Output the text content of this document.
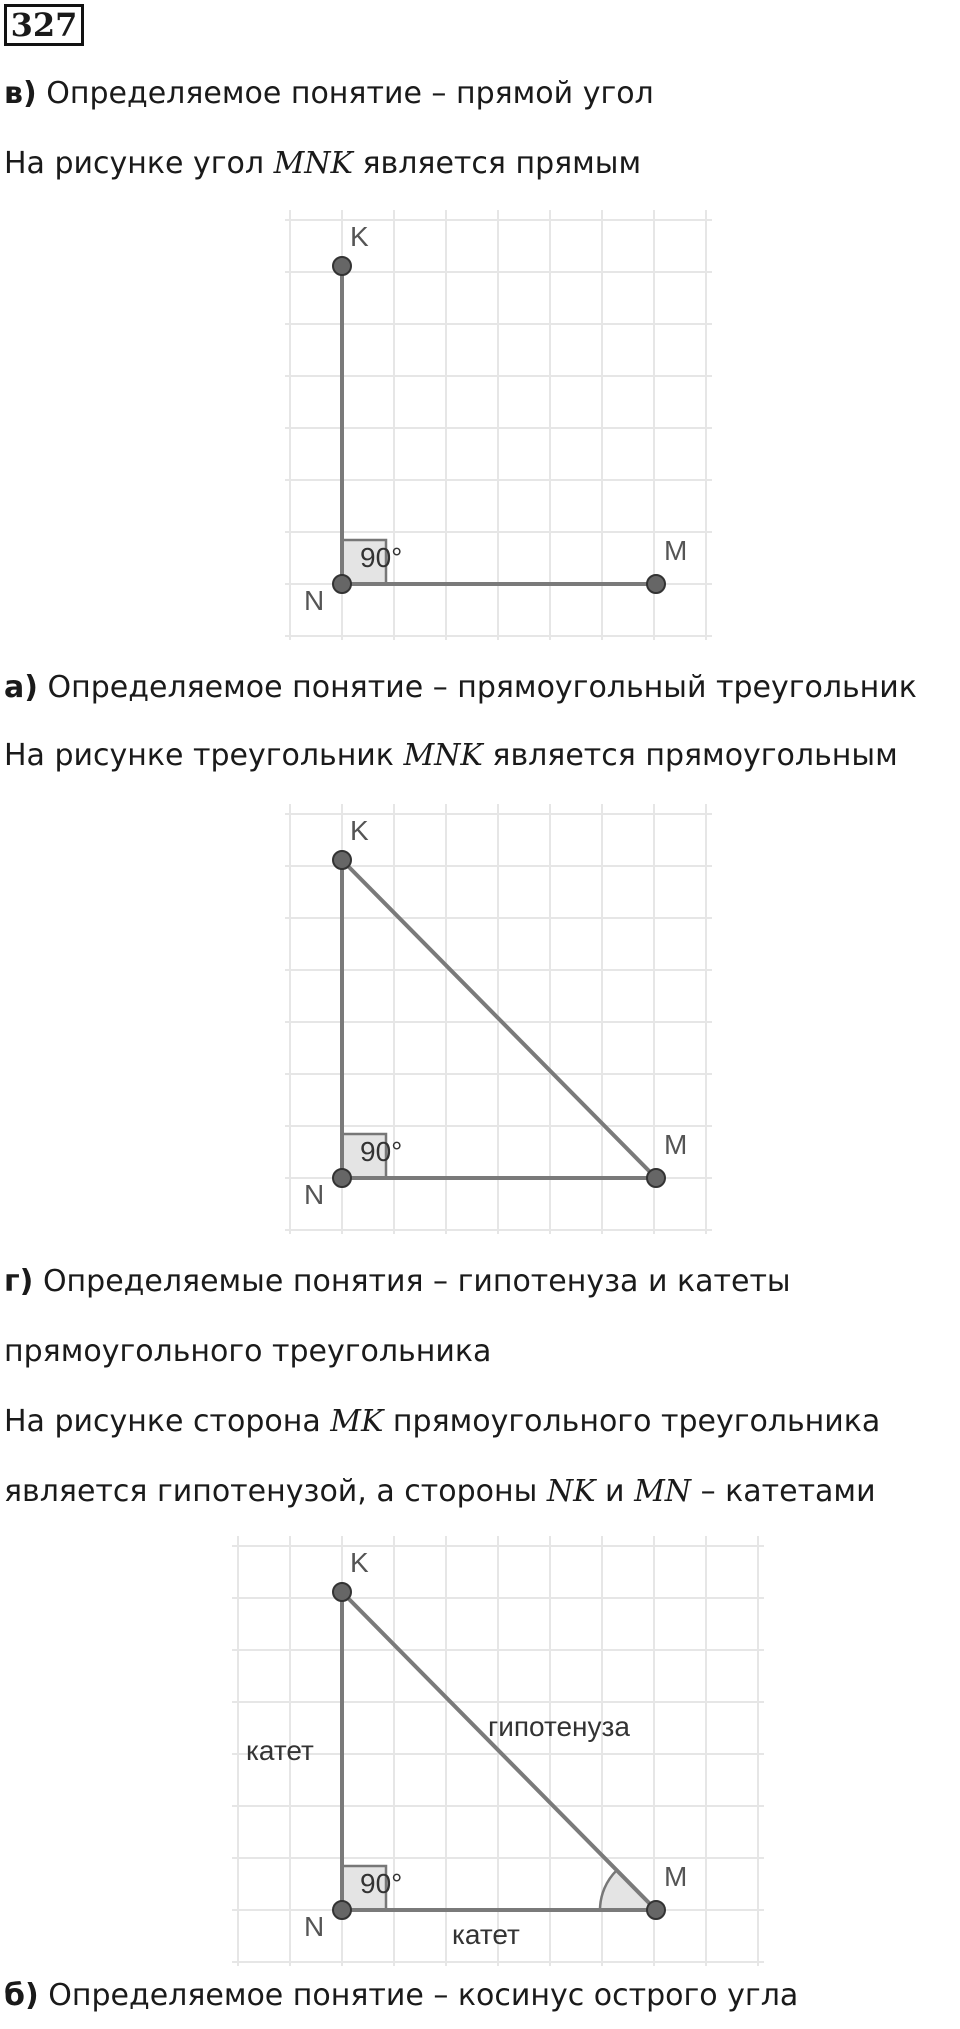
327
в) Определяемое понятие – прямой угол
На рисунке угол MNK является прямым
K
N
M
90°
а) Определяемое понятие – прямоугольный треугольник
На рисунке треугольник MNK является прямоугольным
K
N
M
90°
г) Определяемые понятия – гипотенуза и катеты
прямоугольного треугольника
На рисунке сторона MK прямоугольного треугольника
является гипотенузой, а стороны NK и MN – катетами
K
N
M
90°
катет
катет
гипотенуза
б) Определяемое понятие – косинус острого угла
